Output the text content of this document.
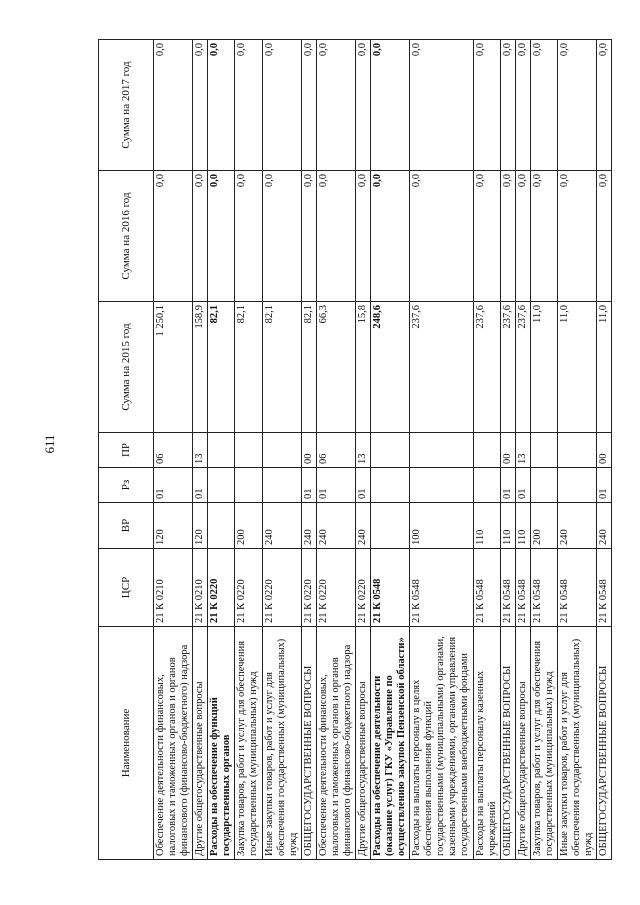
611
Наименование	ЦСР	ВР	Рз	ПР	Сумма на 2015 год	Сумма на 2016 год	Сумма на 2017 год
Обеспечение деятельности финансовых, налоговых и таможенных органов и органов финансового (финансово-бюджетного) надзора	21 К 0210	120	01	06	1 250,1	0,0	0,0
Другие общегосударственные вопросы	21 К 0210	120	01	13	158,9	0,0	0,0
Расходы на обеспечение функций государственных органов	21 К 0220				82,1	0,0	0,0
Закупка товаров, работ и услуг для обеспечения государственных (муниципальных) нужд	21 К 0220	200			82,1	0,0	0,0
Иные закупки товаров, работ и услуг для обеспечения государственных (муниципальных) нужд	21 К 0220	240			82,1	0,0	0,0
ОБЩЕГОСУДАРСТВЕННЫЕ ВОПРОСЫ	21 К 0220	240	01	00	82,1	0,0	0,0
Обеспечение деятельности финансовых, налоговых и таможенных органов и органов финансового (финансово-бюджетного) надзора	21 К 0220	240	01	06	66,3	0,0	0,0
Другие общегосударственные вопросы	21 К 0220	240	01	13	15,8	0,0	0,0
Расходы на обеспечение деятельности (оказание услуг) ГКУ «Управление по осуществлению закупок Пензенской области»	21 К 0548				248,6	0,0	0,0
Расходы на выплаты персоналу в целях обеспечения выполнения функций государственными (муниципальными) органами, казенными учреждениями, органами управления государственными внебюджетными фондами	21 К 0548	100			237,6	0,0	0,0
Расходы на выплаты персоналу казенных учреждений	21 К 0548	110			237,6	0,0	0,0
ОБЩЕГОСУДАРСТВЕННЫЕ ВОПРОСЫ	21 К 0548	110	01	00	237,6	0,0	0,0
Другие общегосударственные вопросы	21 К 0548	110	01	13	237,6	0,0	0,0
Закупка товаров, работ и услуг для обеспечения государственных (муниципальных) нужд	21 К 0548	200			11,0	0,0	0,0
Иные закупки товаров, работ и услуг для обеспечения государственных (муниципальных) нужд	21 К 0548	240			11,0	0,0	0,0
ОБЩЕГОСУДАРСТВЕННЫЕ ВОПРОСЫ	21 К 0548	240	01	00	11,0	0,0	0,0
